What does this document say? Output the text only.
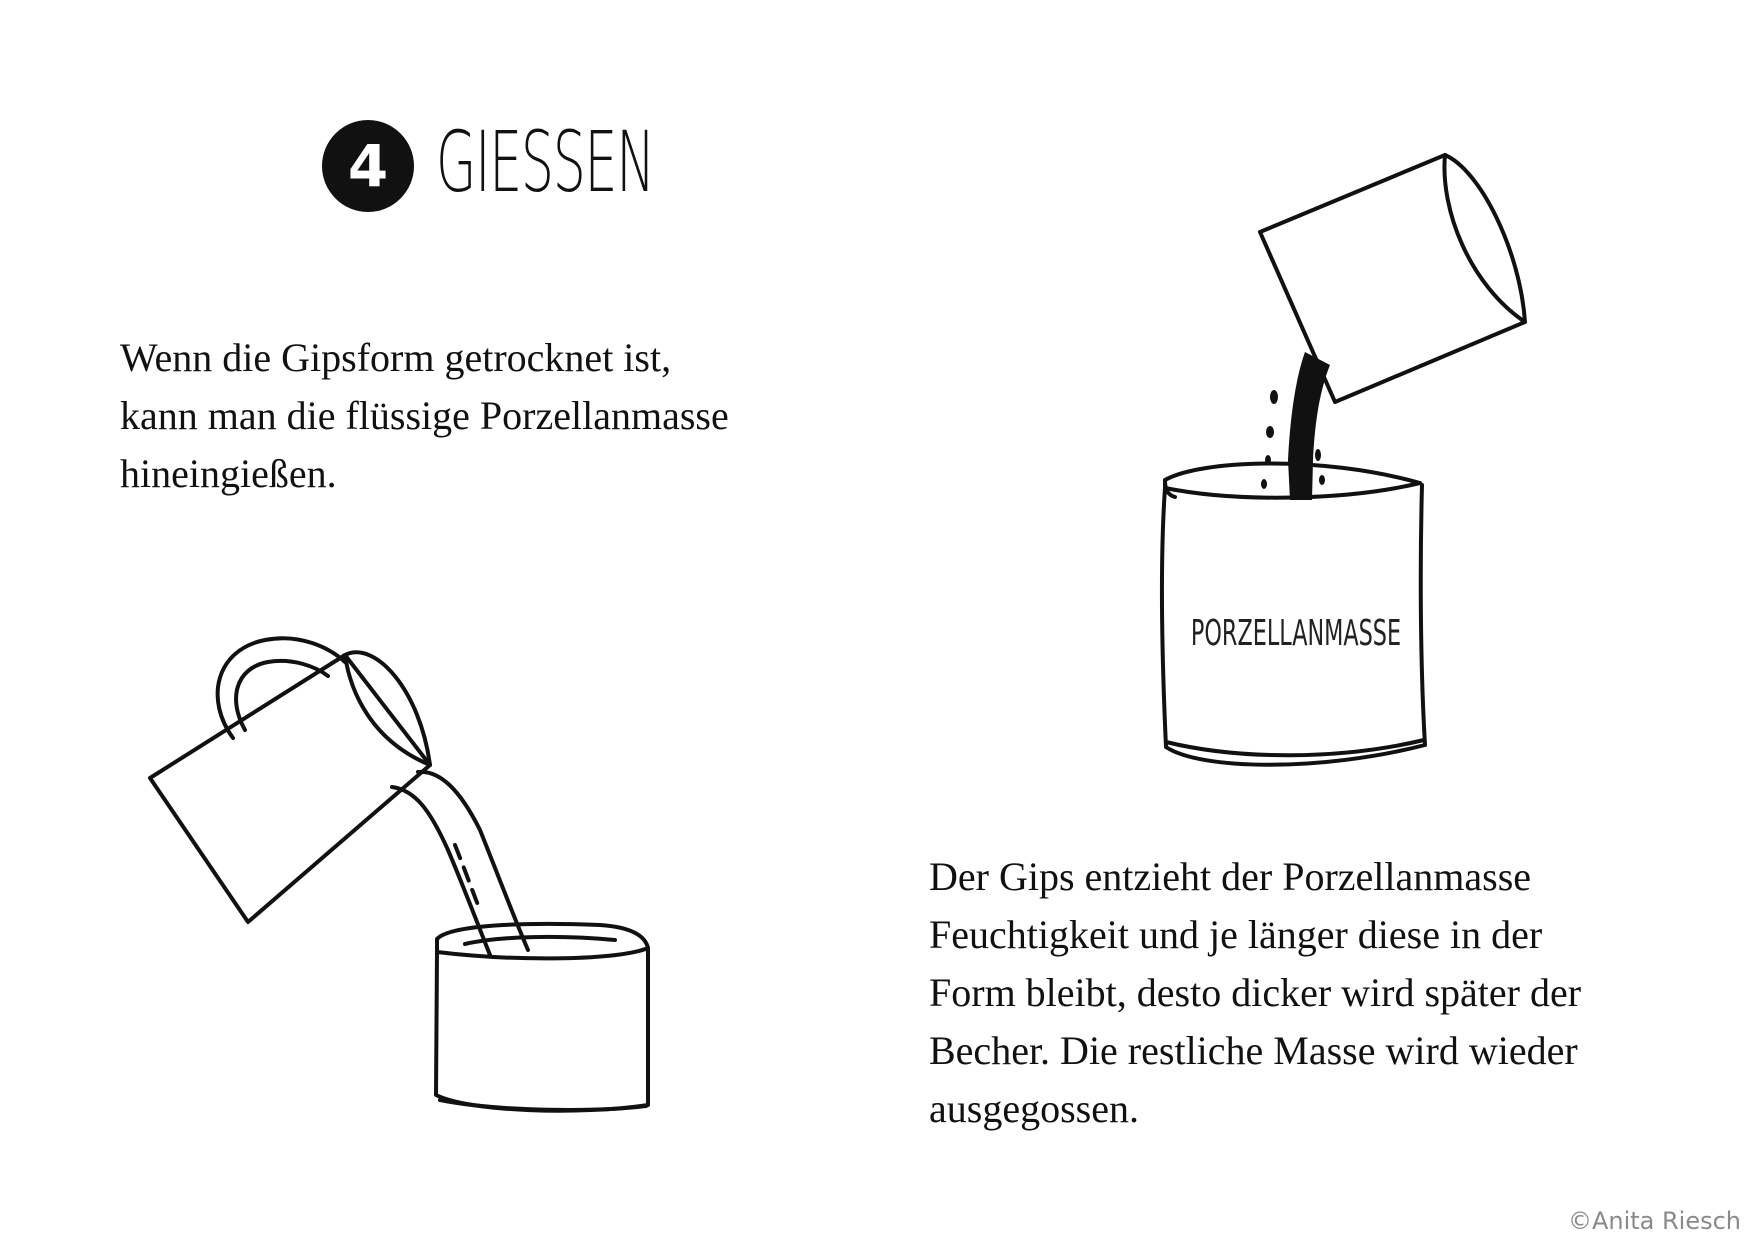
4 GIESSEN

Wenn die Gipsform getrocknet ist,
kann man die flüssige Porzellanmasse
hineingießen.

Der Gips entzieht der Porzellanmasse
Feuchtigkeit und je länger diese in der
Form bleibt, desto dicker wird später der
Becher. Die restliche Masse wird wieder
ausgegossen.

PORZELLANMASSE
©Anita Riesch
